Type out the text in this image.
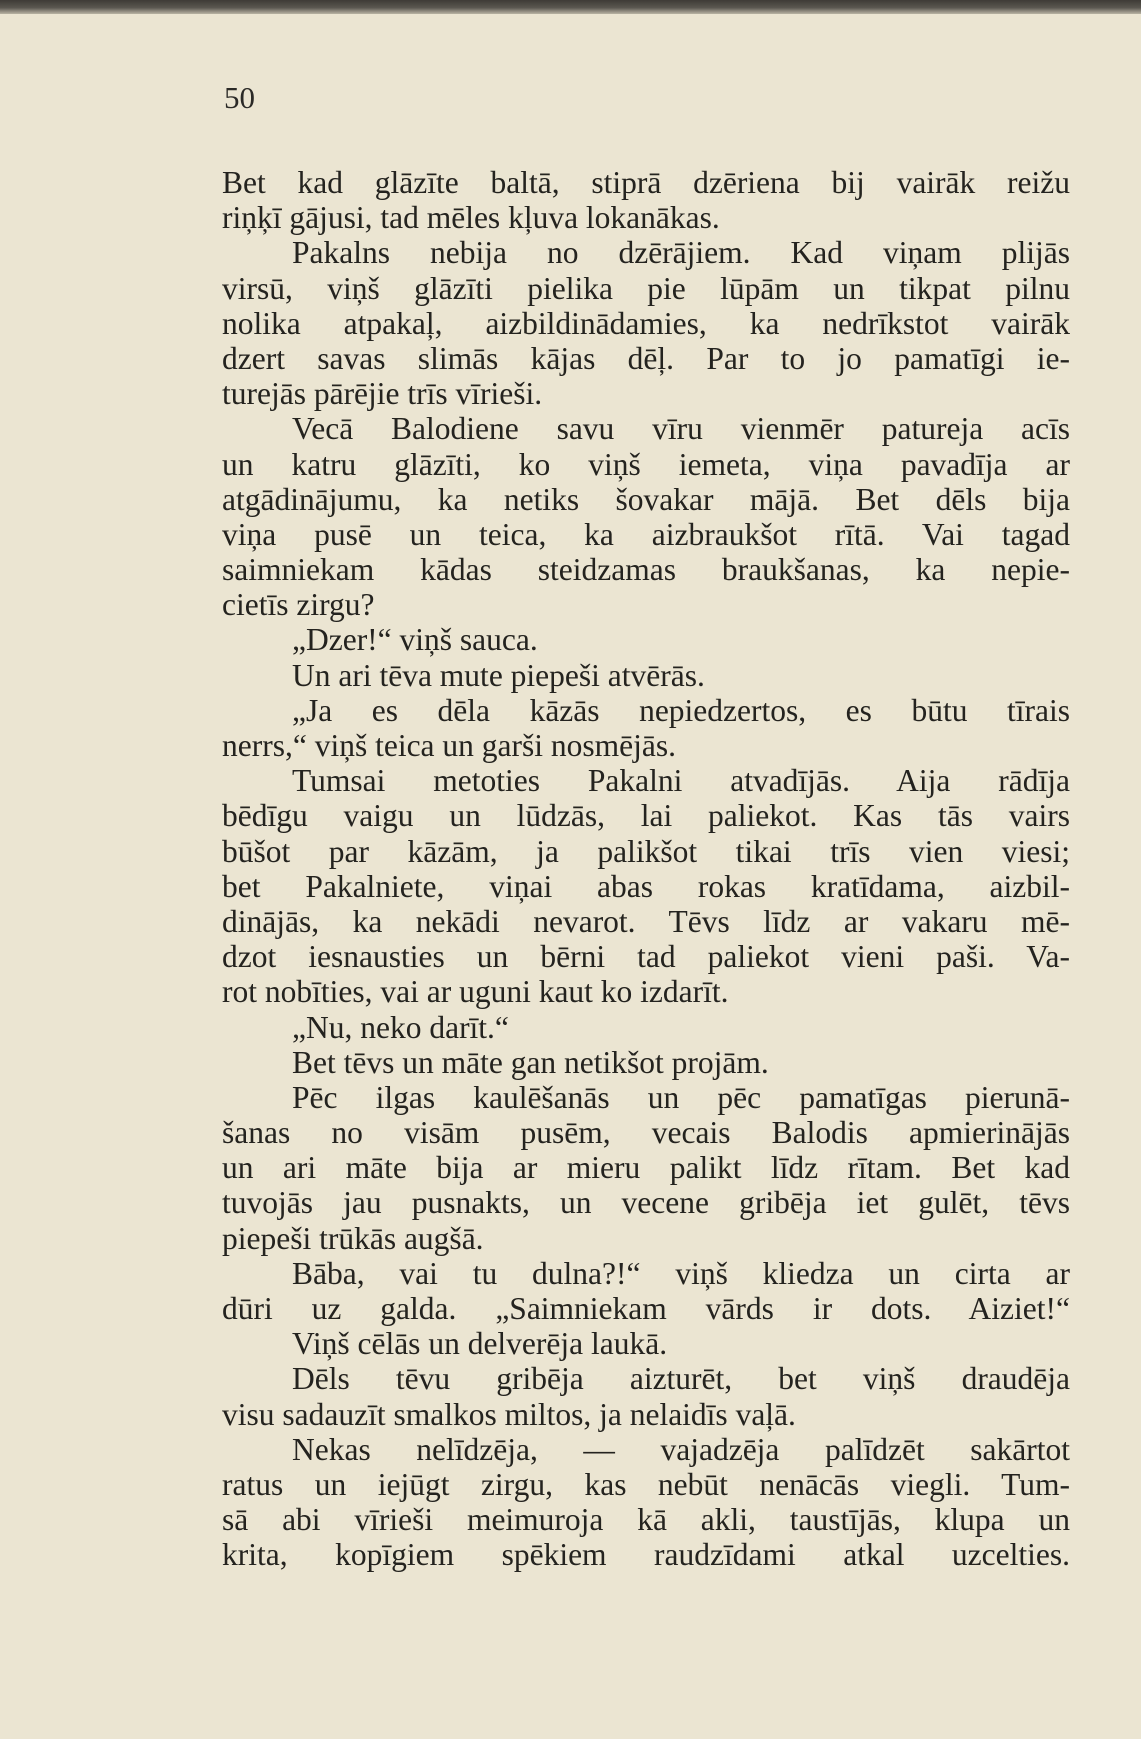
50
Bet kad glāzīte baltā, stiprā dzēriena bij vairāk reižu
riņķī gājusi, tad mēles kļuva lokanākas.
Pakalns nebija no dzērājiem. Kad viņam plijās
virsū, viņš glāzīti pielika pie lūpām un tikpat pilnu
nolika atpakaļ, aizbildinādamies, ka nedrīkstot vairāk
dzert savas slimās kājas dēļ. Par to jo pamatīgi ie-
turejās pārējie trīs vīrieši.
Vecā Balodiene savu vīru vienmēr patureja acīs
un katru glāzīti, ko viņš iemeta, viņa pavadīja ar
atgādinājumu, ka netiks šovakar mājā. Bet dēls bija
viņa pusē un teica, ka aizbraukšot rītā. Vai tagad
saimniekam kādas steidzamas braukšanas, ka nepie-
cietīs zirgu?
„Dzer!“ viņš sauca.
Un ari tēva mute piepeši atvērās.
„Ja es dēla kāzās nepiedzertos, es būtu tīrais
nerrs,“ viņš teica un garši nosmējās.
Tumsai metoties Pakalni atvadījās. Aija rādīja
bēdīgu vaigu un lūdzās, lai paliekot. Kas tās vairs
būšot par kāzām, ja palikšot tikai trīs vien viesi;
bet Pakalniete, viņai abas rokas kratīdama, aizbil-
dinājās, ka nekādi nevarot. Tēvs līdz ar vakaru mē-
dzot iesnausties un bērni tad paliekot vieni paši. Va-
rot nobīties, vai ar uguni kaut ko izdarīt.
„Nu, neko darīt.“
Bet tēvs un māte gan netikšot projām.
Pēc ilgas kaulēšanās un pēc pamatīgas pierunā-
šanas no visām pusēm, vecais Balodis apmierinājās
un ari māte bija ar mieru palikt līdz rītam. Bet kad
tuvojās jau pusnakts, un vecene gribēja iet gulēt, tēvs
piepeši trūkās augšā.
Bāba, vai tu dulna?!“ viņš kliedza un cirta ar
dūri uz galda. „Saimniekam vārds ir dots. Aiziet!“
Viņš cēlās un delverēja laukā.
Dēls tēvu gribēja aizturēt, bet viņš draudēja
visu sadauzīt smalkos miltos, ja nelaidīs vaļā.
Nekas nelīdzēja, — vajadzēja palīdzēt sakārtot
ratus un iejūgt zirgu, kas nebūt nenācās viegli. Tum-
sā abi vīrieši meimuroja kā akli, taustījās, klupa un
krita, kopīgiem spēkiem raudzīdami atkal uzcelties.
